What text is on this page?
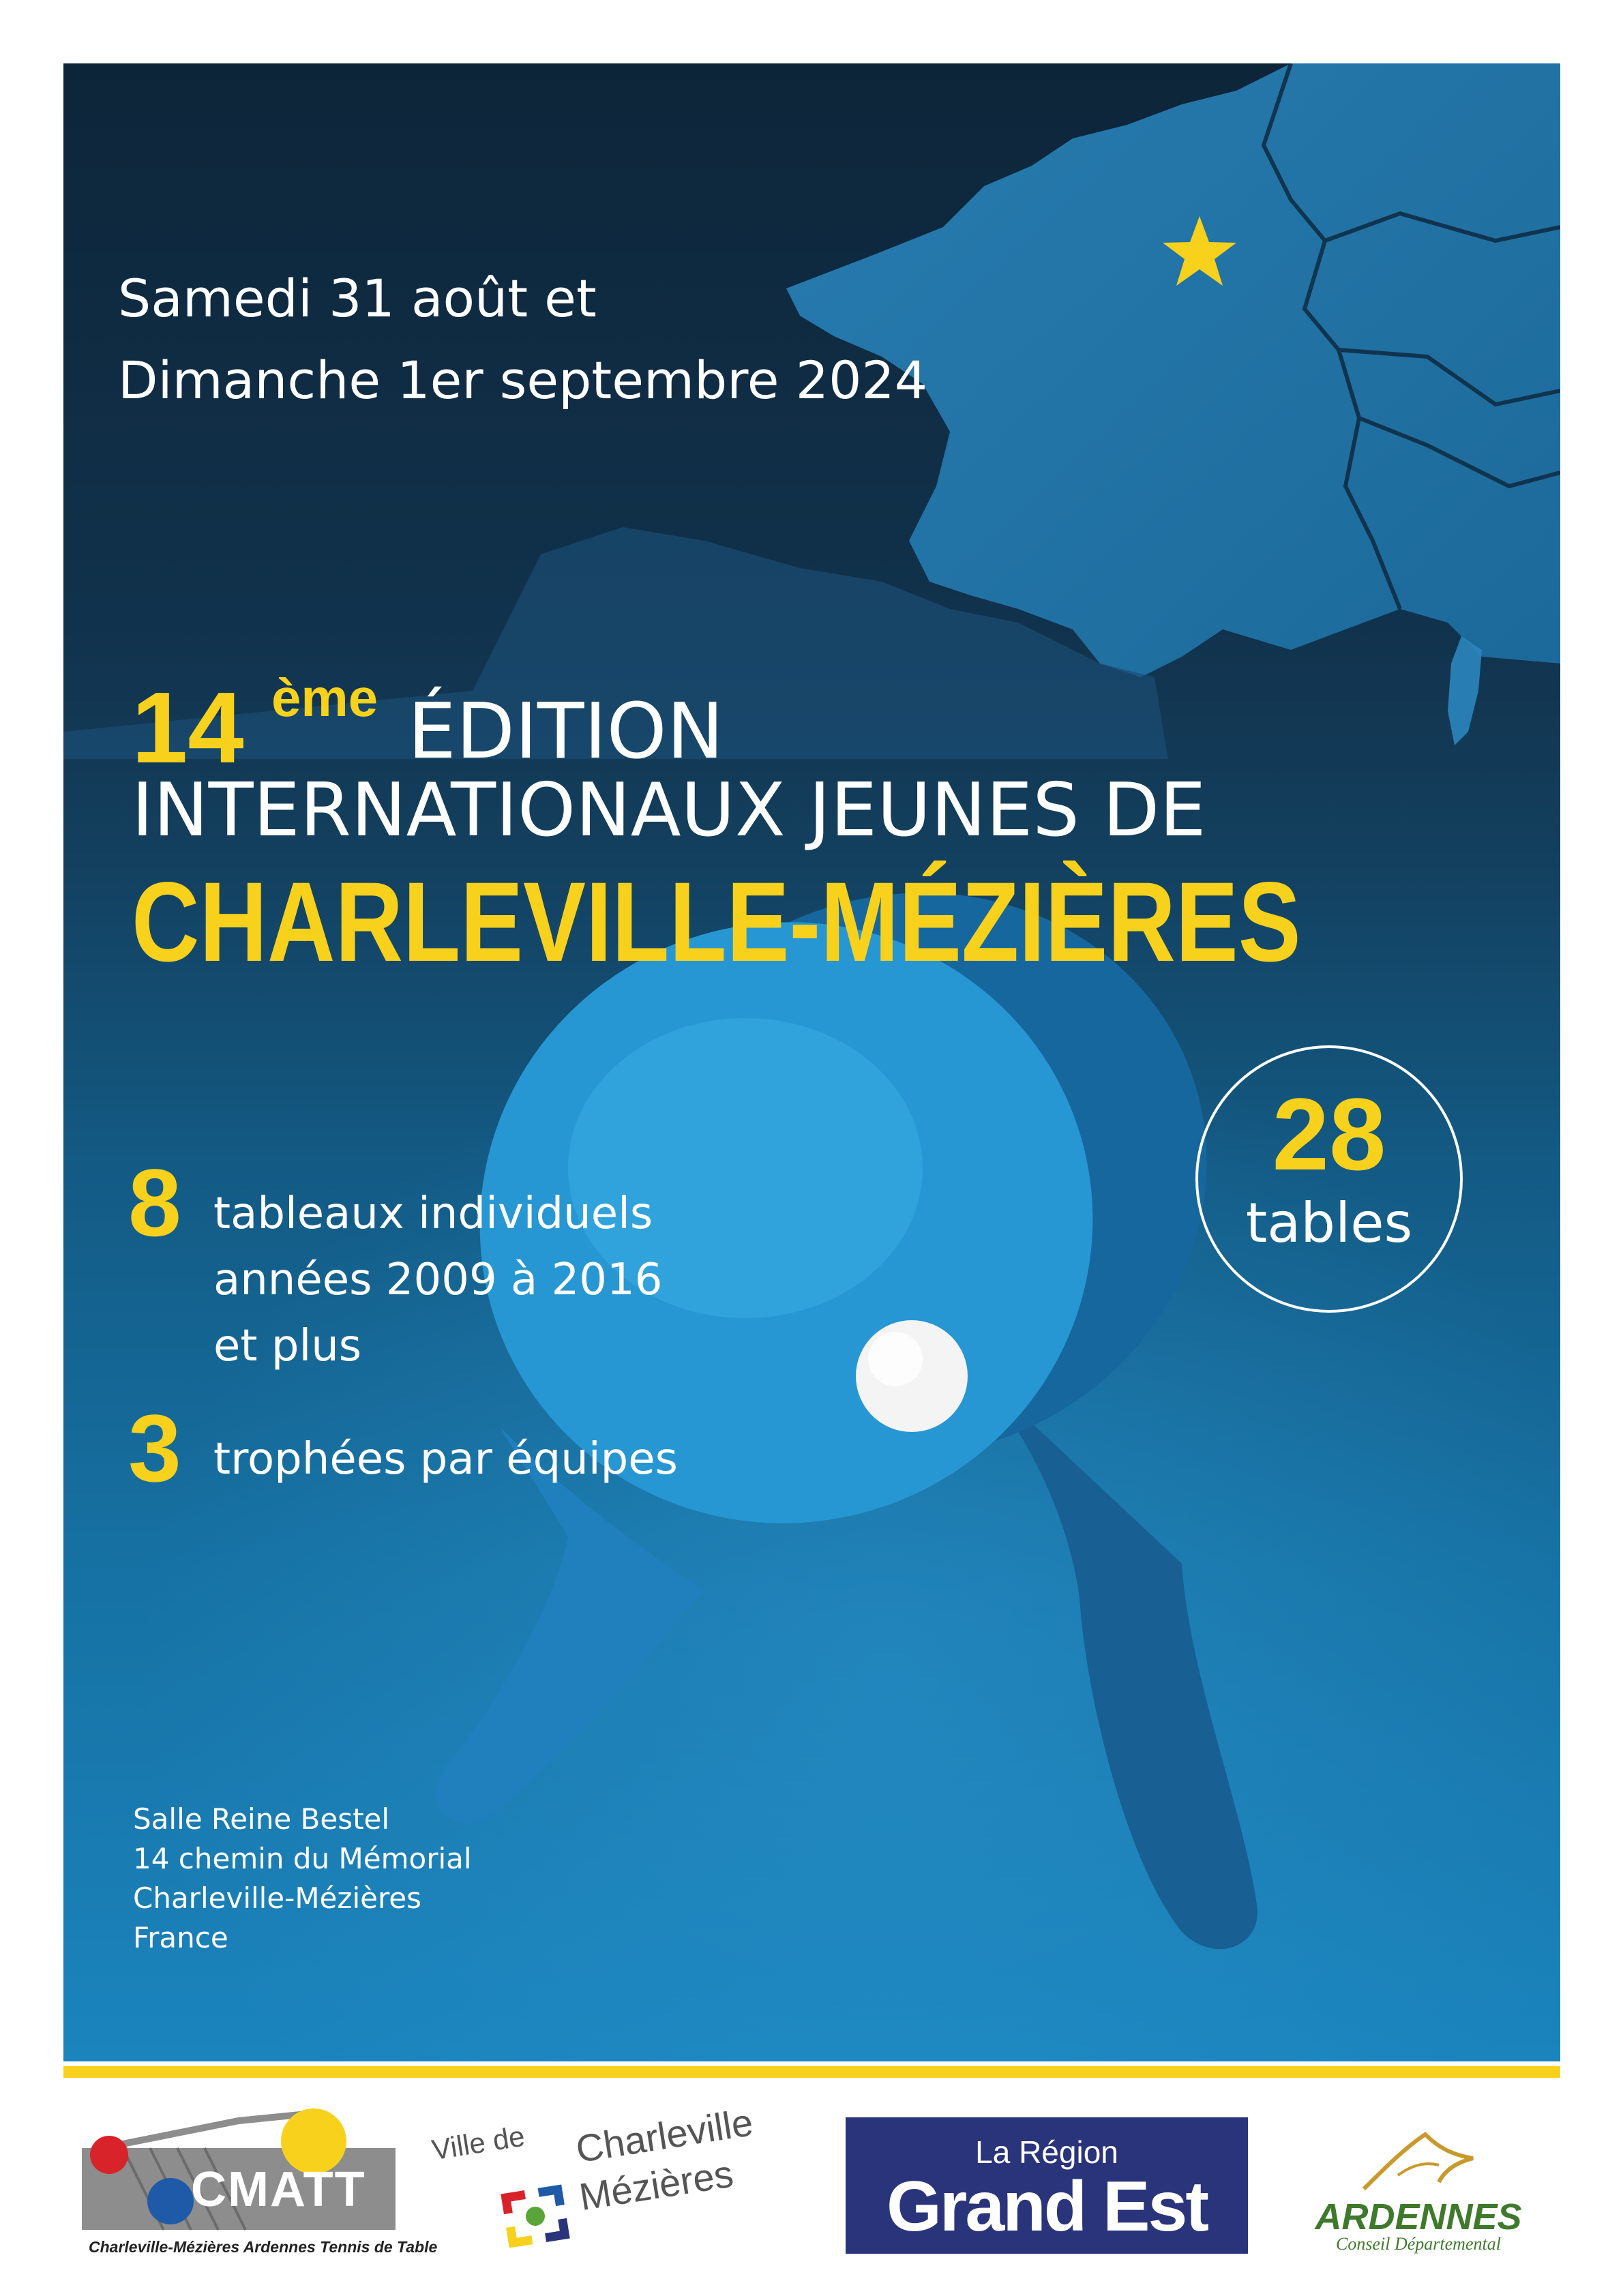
Samedi 31 août et

Dimanche 1er septembre 2024

14 ème ÉDITION

INTERNATIONAUX JEUNES DE

CHARLEVILLE-MÉZIÈRES

8 tableaux individuels

années 2009 à 2016

et plus

3 trophées par équipes

28

tables

Salle Reine Bestel

14 chemin du Mémorial

Charleville-Mézières

France

CMATT

Charleville-Mézières Ardennes Tennis de Table

Ville de Charleville

Mézières	La Région

Grand Est	ARDENNES

Conseil Départemental
